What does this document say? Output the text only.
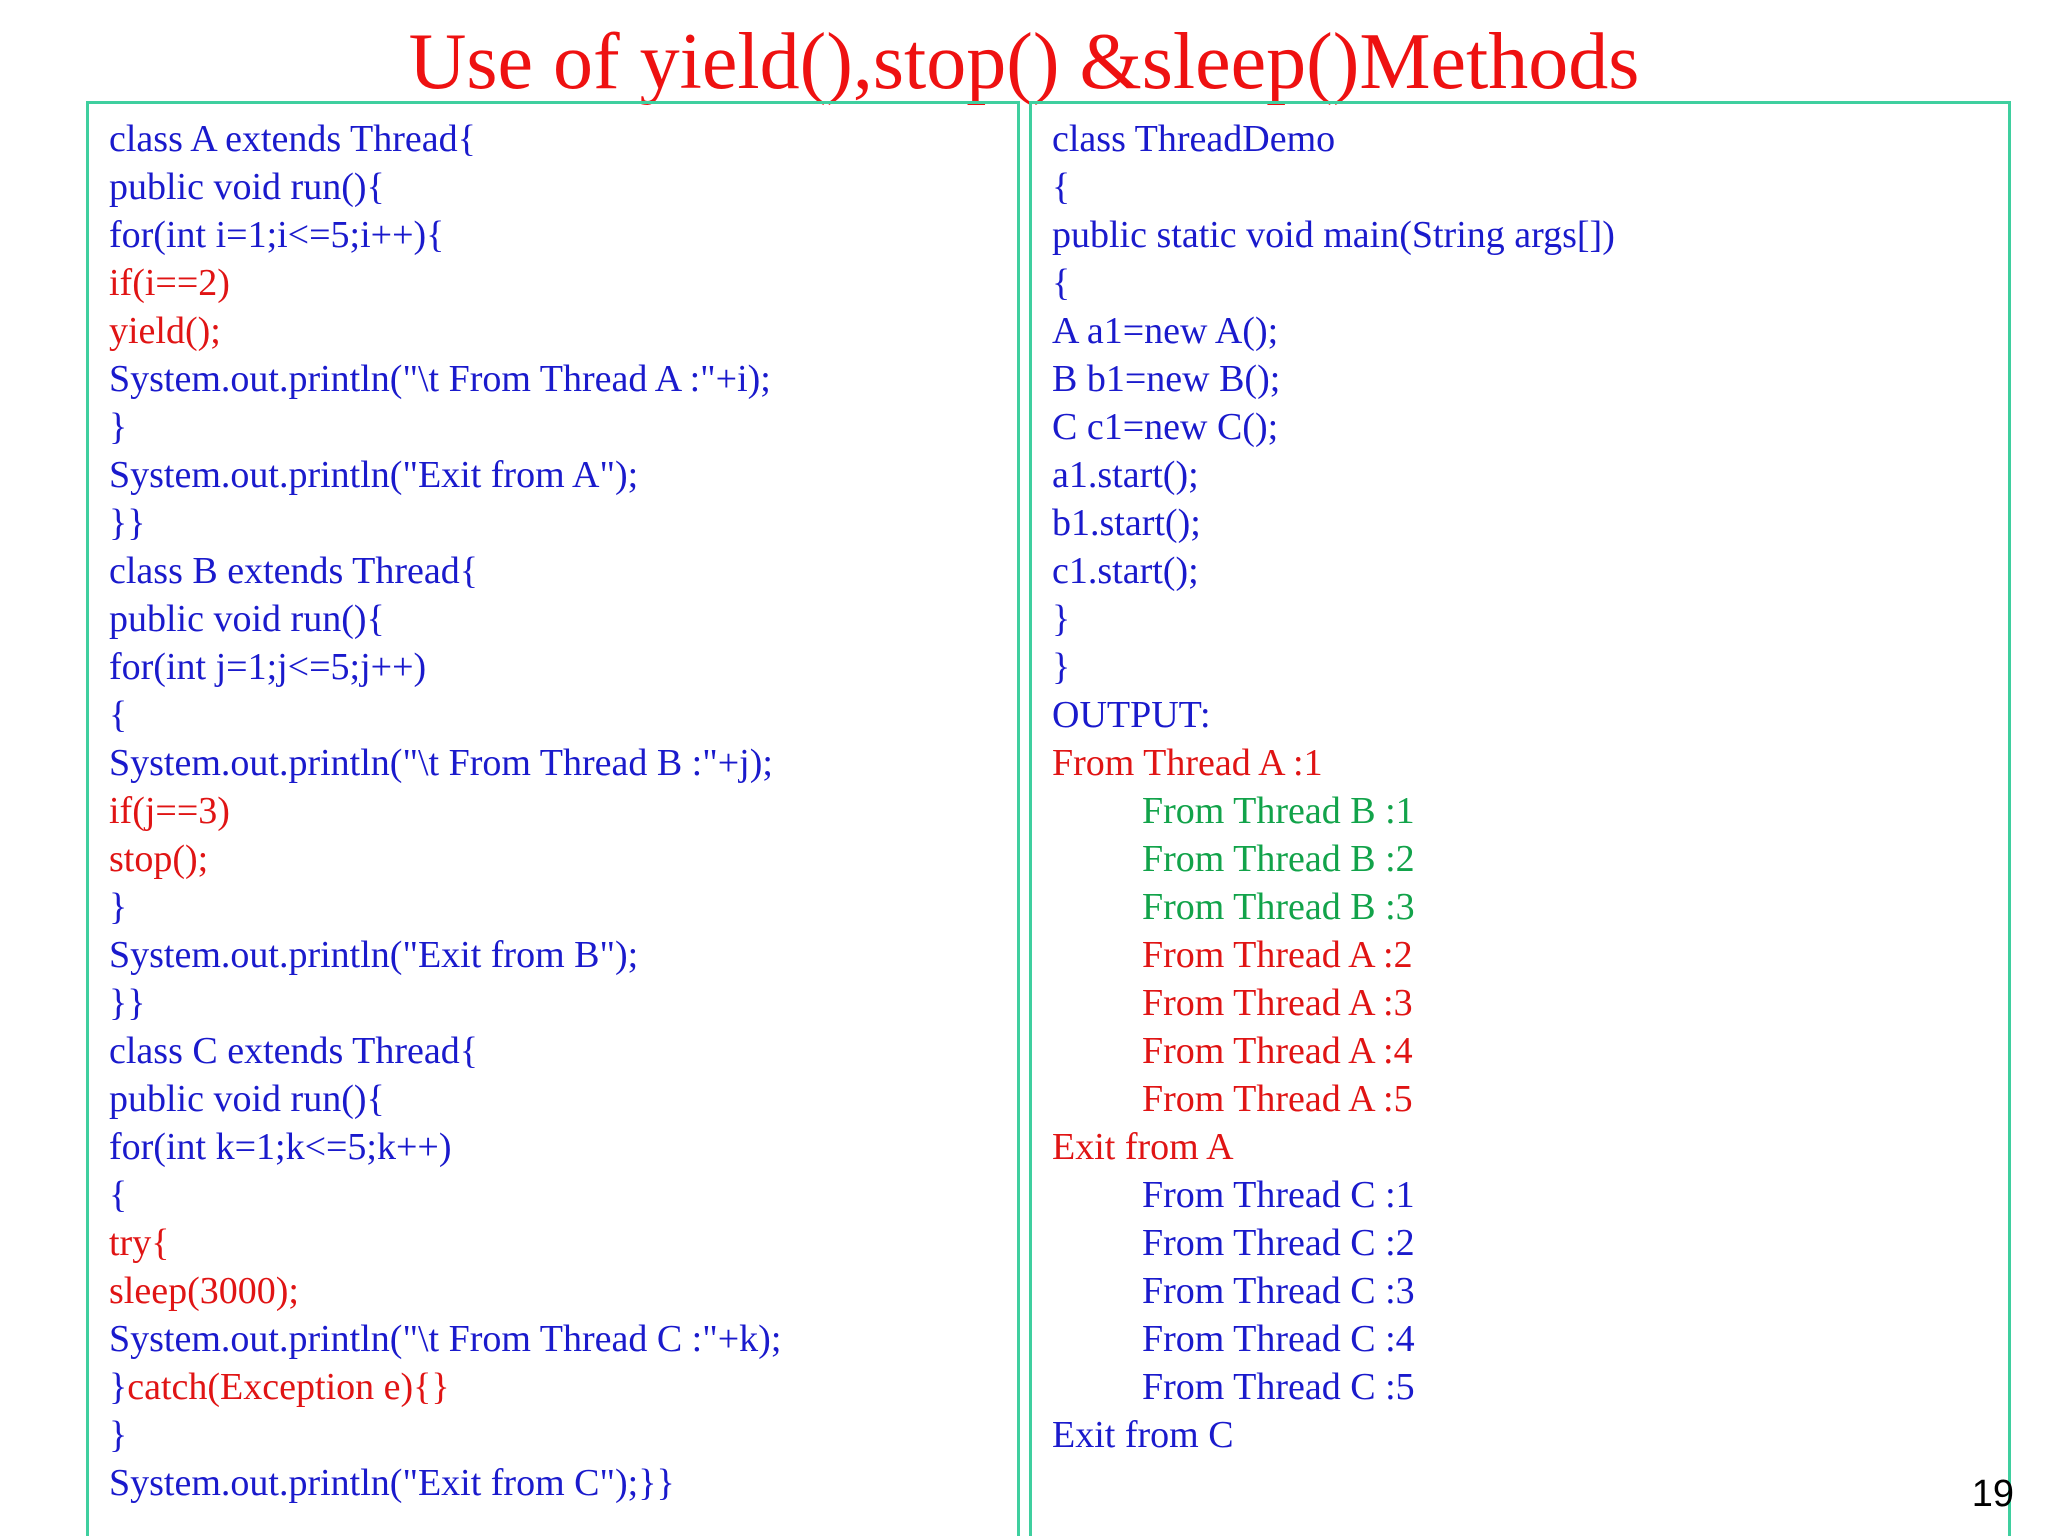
Use of yield(),stop() &sleep()Methods
class A extends Thread{
public void run(){
for(int i=1;i<=5;i++){
if(i==2)
yield();
System.out.println("\t From Thread A :"+i);
}
System.out.println("Exit from A");
}}
class B extends Thread{
public void run(){
for(int j=1;j<=5;j++)
{
System.out.println("\t From Thread B :"+j);
if(j==3)
stop();
}
System.out.println("Exit from B");
}}
class C extends Thread{
public void run(){
for(int k=1;k<=5;k++)
{
try{
sleep(3000);
System.out.println("\t From Thread C :"+k);
}catch(Exception e){}
}
System.out.println("Exit from C");}}
class ThreadDemo
{
public static void main(String args[])
{
A a1=new A();
B b1=new B();
C c1=new C();
a1.start();
b1.start();
c1.start();
}
}
OUTPUT:
From Thread A :1
From Thread B :1
From Thread B :2
From Thread B :3
From Thread A :2
From Thread A :3
From Thread A :4
From Thread A :5
Exit from A
From Thread C :1
From Thread C :2
From Thread C :3
From Thread C :4
From Thread C :5
Exit from C
19
